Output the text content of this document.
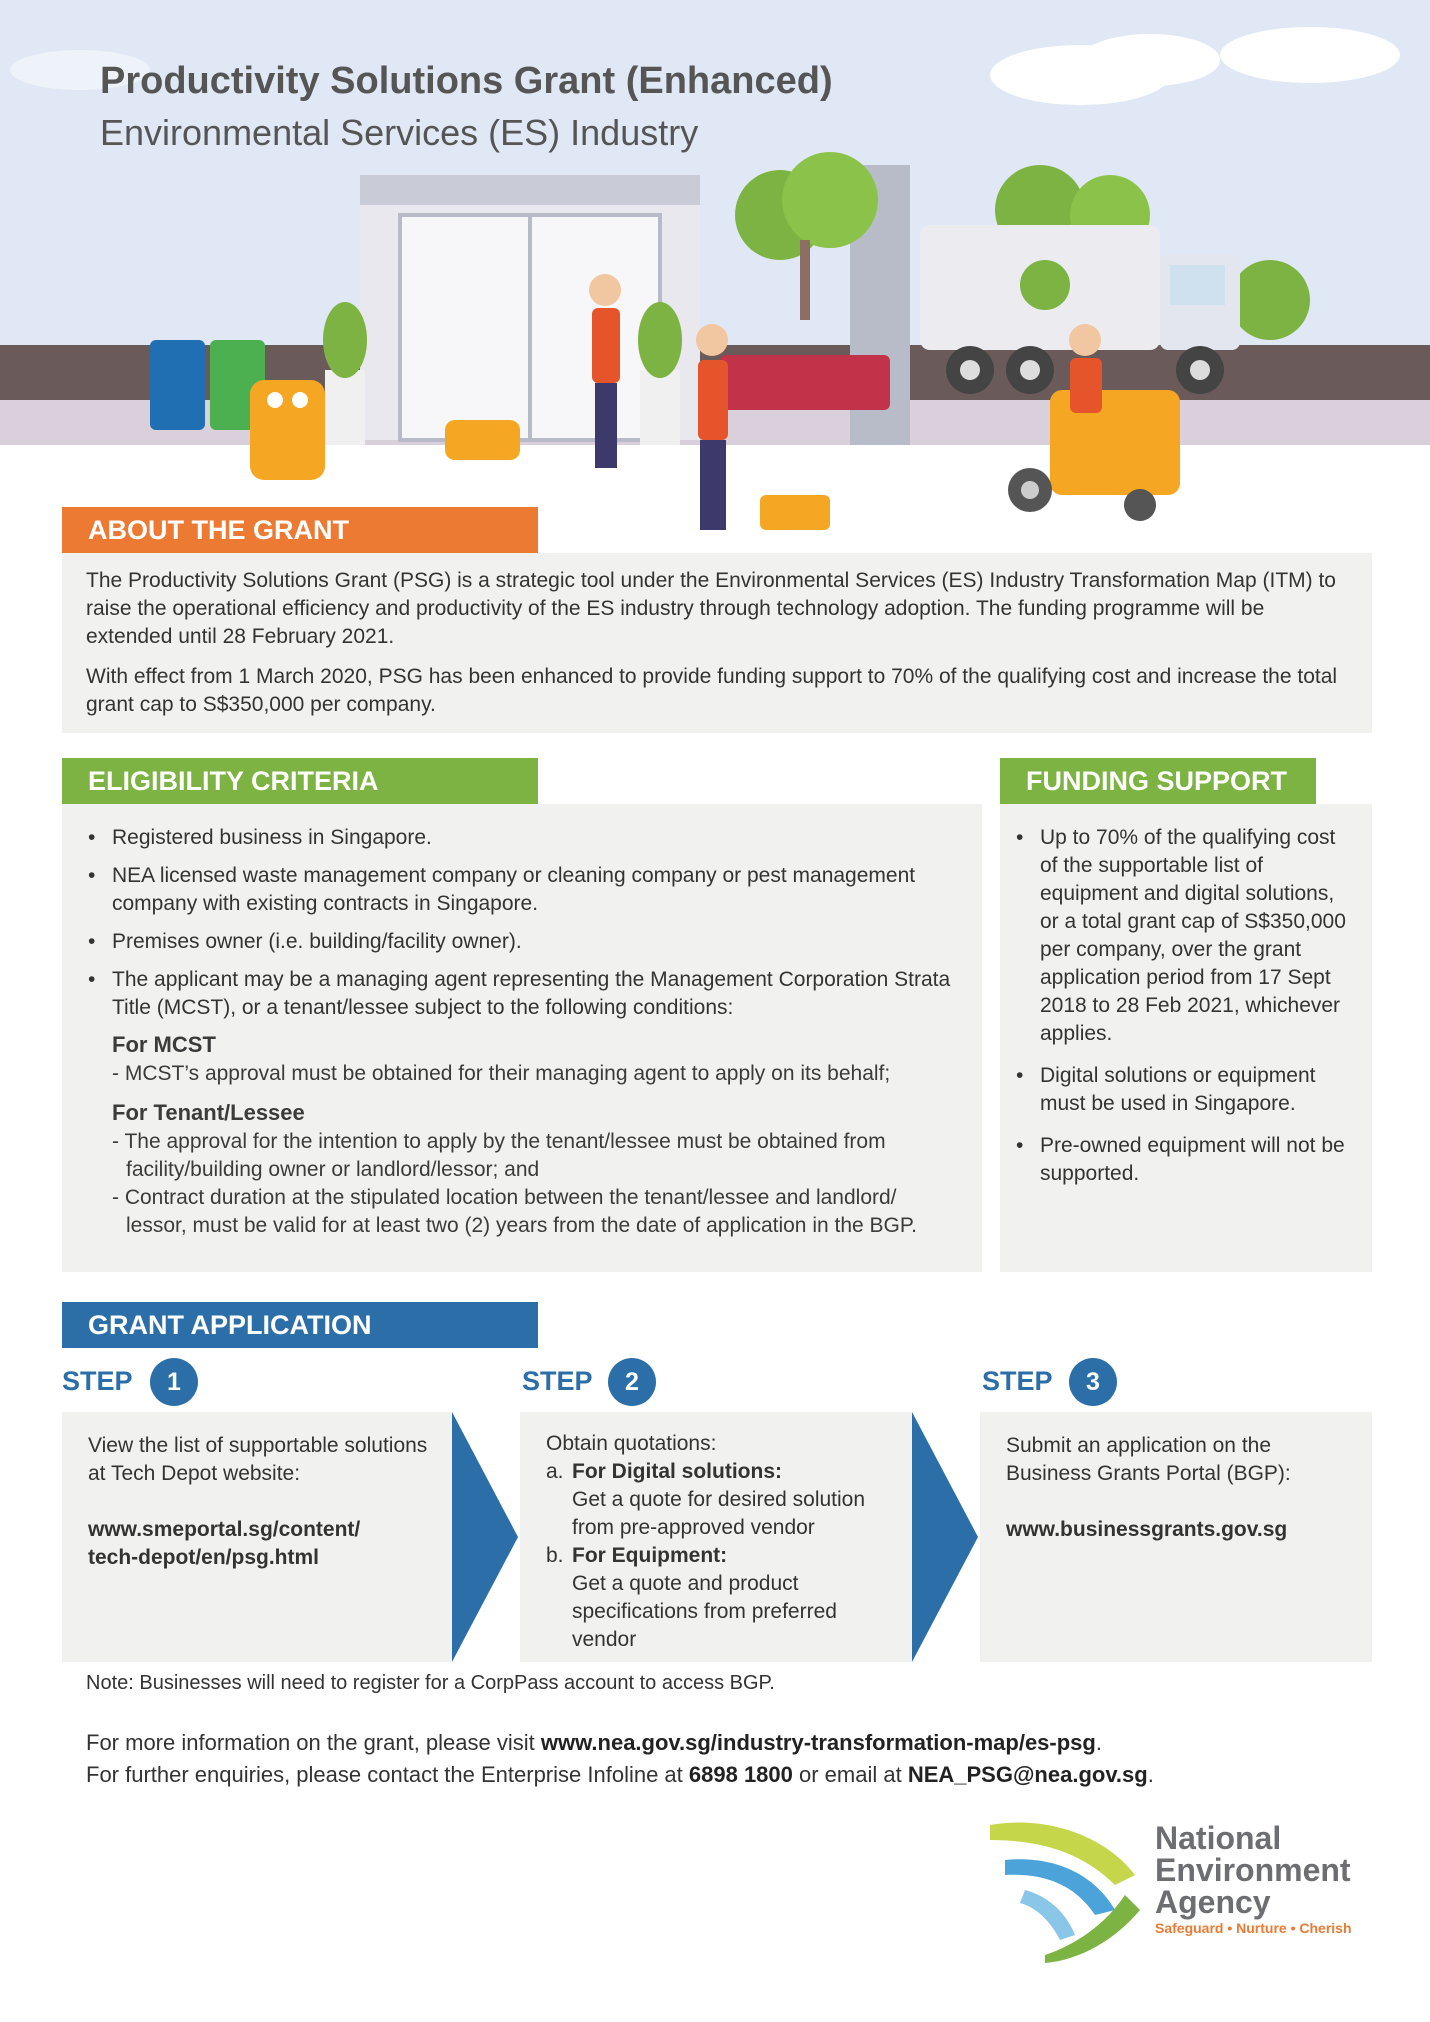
Productivity Solutions Grant (Enhanced)
Environmental Services (ES) Industry
ABOUT THE GRANT

The Productivity Solutions Grant (PSG) is a strategic tool under the Environmental Services (ES) Industry Transformation Map (ITM) to raise the operational efficiency and productivity of the ES industry through technology adoption. The funding programme will be extended until 28 February 2021.

With effect from 1 March 2020, PSG has been enhanced to provide funding support to 70% of the qualifying cost and increase the total grant cap to S$350,000 per company.

ELIGIBILITY CRITERIA
• Registered business in Singapore.
• NEA licensed waste management company or cleaning company or pest management company with existing contracts in Singapore.
• Premises owner (i.e. building/facility owner).
• The applicant may be a managing agent representing the Management Corporation Strata Title (MCST), or a tenant/lessee subject to the following conditions:
For MCST
- MCST’s approval must be obtained for their managing agent to apply on its behalf;
For Tenant/Lessee
- The approval for the intention to apply by the tenant/lessee must be obtained from facility/building owner or landlord/lessor; and
- Contract duration at the stipulated location between the tenant/lessee and landlord/ lessor, must be valid for at least two (2) years from the date of application in the BGP.
FUNDING SUPPORT
• Up to 70% of the qualifying cost of the supportable list of equipment and digital solutions, or a total grant cap of S$350,000 per company, over the grant application period from 17 Sept 2018 to 28 Feb 2021, whichever applies.
• Digital solutions or equipment must be used in Singapore.
• Pre-owned equipment will not be supported.
GRANT APPLICATION
STEP	1	STEP	2	STEP	3
View the list of supportable solutions at Tech Depot website:
www.smeportal.sg/content/ tech-depot/en/psg.html
Obtain quotations:
a. For Digital solutions:
Get a quote for desired solution from pre-approved vendor
b. For Equipment:
Get a quote and product specifications from preferred vendor
Submit an application on the Business Grants Portal (BGP):
www.businessgrants.gov.sg
Note: Businesses will need to register for a CorpPass account to access BGP.
For more information on the grant, please visit www.nea.gov.sg/industry-transformation-map/es-psg.
For further enquiries, please contact the Enterprise Infoline at 6898 1800 or email at NEA_PSG@nea.gov.sg.
National
Environment
Agency
Safeguard • Nurture • Cherish
